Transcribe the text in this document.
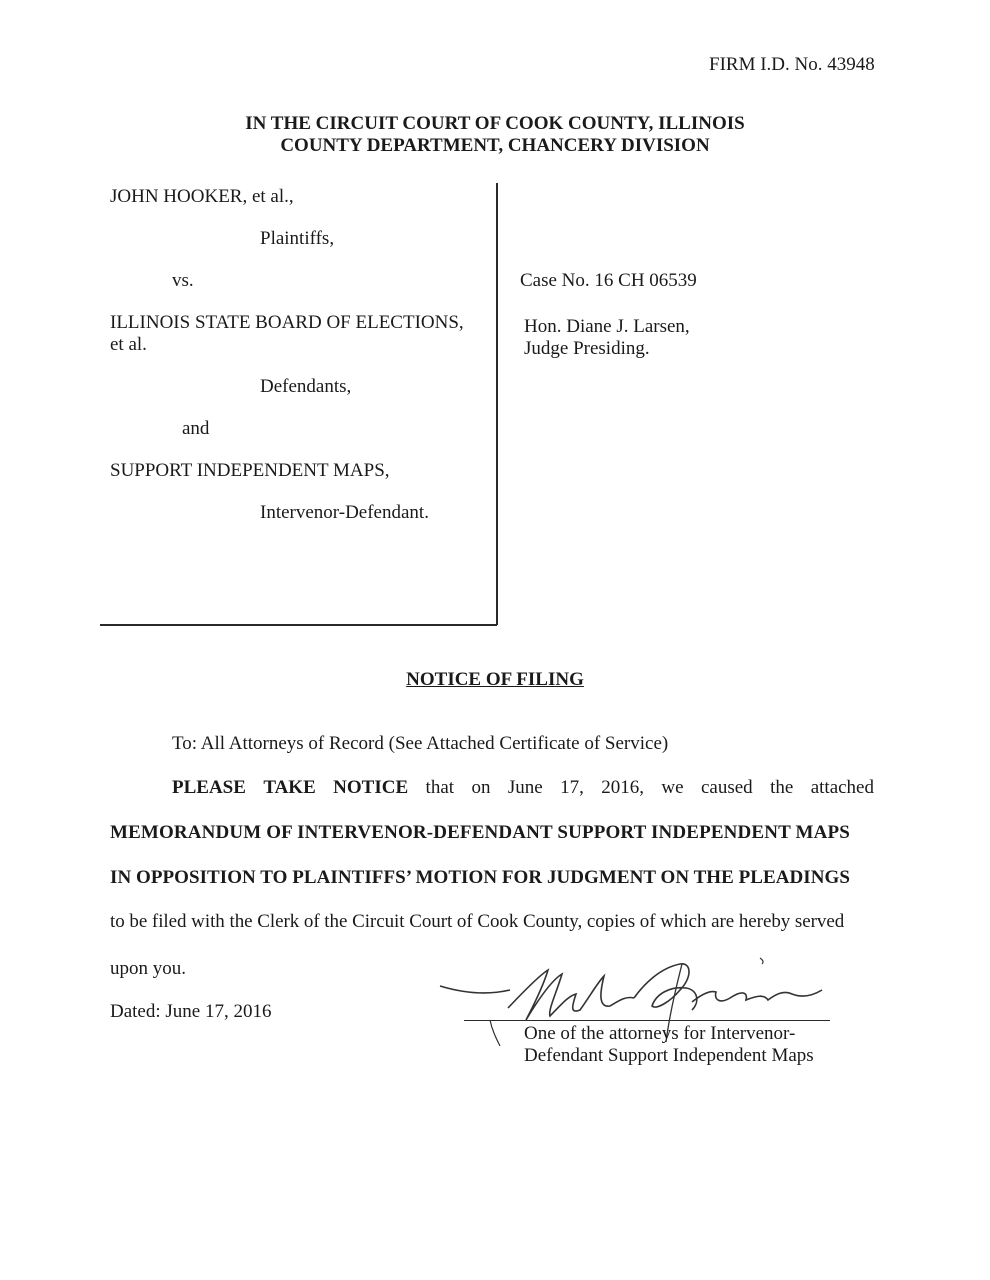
FIRM I.D. No. 43948
IN THE CIRCUIT COURT OF COOK COUNTY, ILLINOIS
COUNTY DEPARTMENT, CHANCERY DIVISION
JOHN HOOKER, et al.,
Plaintiffs,
vs.
ILLINOIS STATE BOARD OF ELECTIONS,
et al.
Defendants,
and
SUPPORT INDEPENDENT MAPS,
Intervenor-Defendant.
Case No. 16 CH 06539
Hon. Diane J. Larsen,
Judge Presiding.
NOTICE OF FILING
To: All Attorneys of Record (See Attached Certificate of Service)
PLEASE TAKE NOTICE that on June 17, 2016, we caused the attached
MEMORANDUM OF INTERVENOR-DEFENDANT SUPPORT INDEPENDENT MAPS
IN OPPOSITION TO PLAINTIFFS’ MOTION FOR JUDGMENT ON THE PLEADINGS
to be filed with the Clerk of the Circuit Court of Cook County, copies of which are hereby served
upon you.
Dated: June 17, 2016
One of the attorneys for Intervenor-
Defendant Support Independent Maps
